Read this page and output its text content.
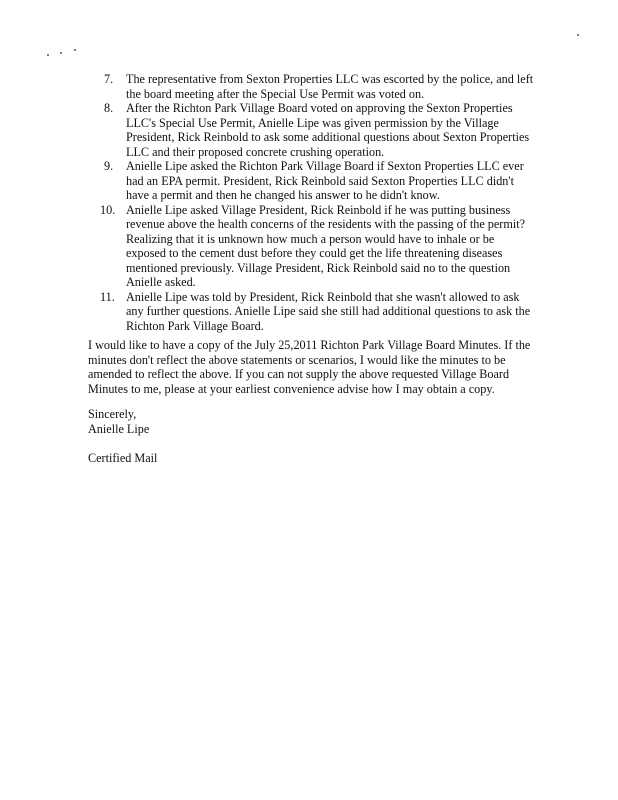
7.	The representative from Sexton Properties LLC was escorted by the police, and left the board meeting after the Special Use Permit was voted on.
8.	After the Richton Park Village Board voted on approving the Sexton Properties LLC's Special Use Permit, Anielle Lipe was given permission by the Village President, Rick Reinbold to ask some additional questions about Sexton Properties LLC and their proposed concrete crushing operation.
9.	Anielle Lipe asked the Richton Park Village Board if Sexton Properties LLC ever had an EPA permit. President, Rick Reinbold said Sexton Properties LLC didn't have a permit and then he changed his answer to he didn't know.
10. Anielle Lipe asked Village President, Rick Reinbold if he was putting business revenue above the health concerns of the residents with the passing of the permit? Realizing that it is unknown how much a person would have to inhale or be exposed to the cement dust before they could get the life threatening diseases mentioned previously. Village President, Rick Reinbold said no to the question Anielle asked.
11. Anielle Lipe was told by President, Rick Reinbold that she wasn't allowed to ask any further questions. Anielle Lipe said she still had additional questions to ask the Richton Park Village Board.

I would like to have a copy of the July 25,2011 Richton Park Village Board Minutes. If the minutes don't reflect the above statements or scenarios, I would like the minutes to be amended to reflect the above. If you can not supply the above requested Village Board Minutes to me, please at your earliest convenience advise how I may obtain a copy.

Sincerely,
Anielle Lipe
Certified Mail
